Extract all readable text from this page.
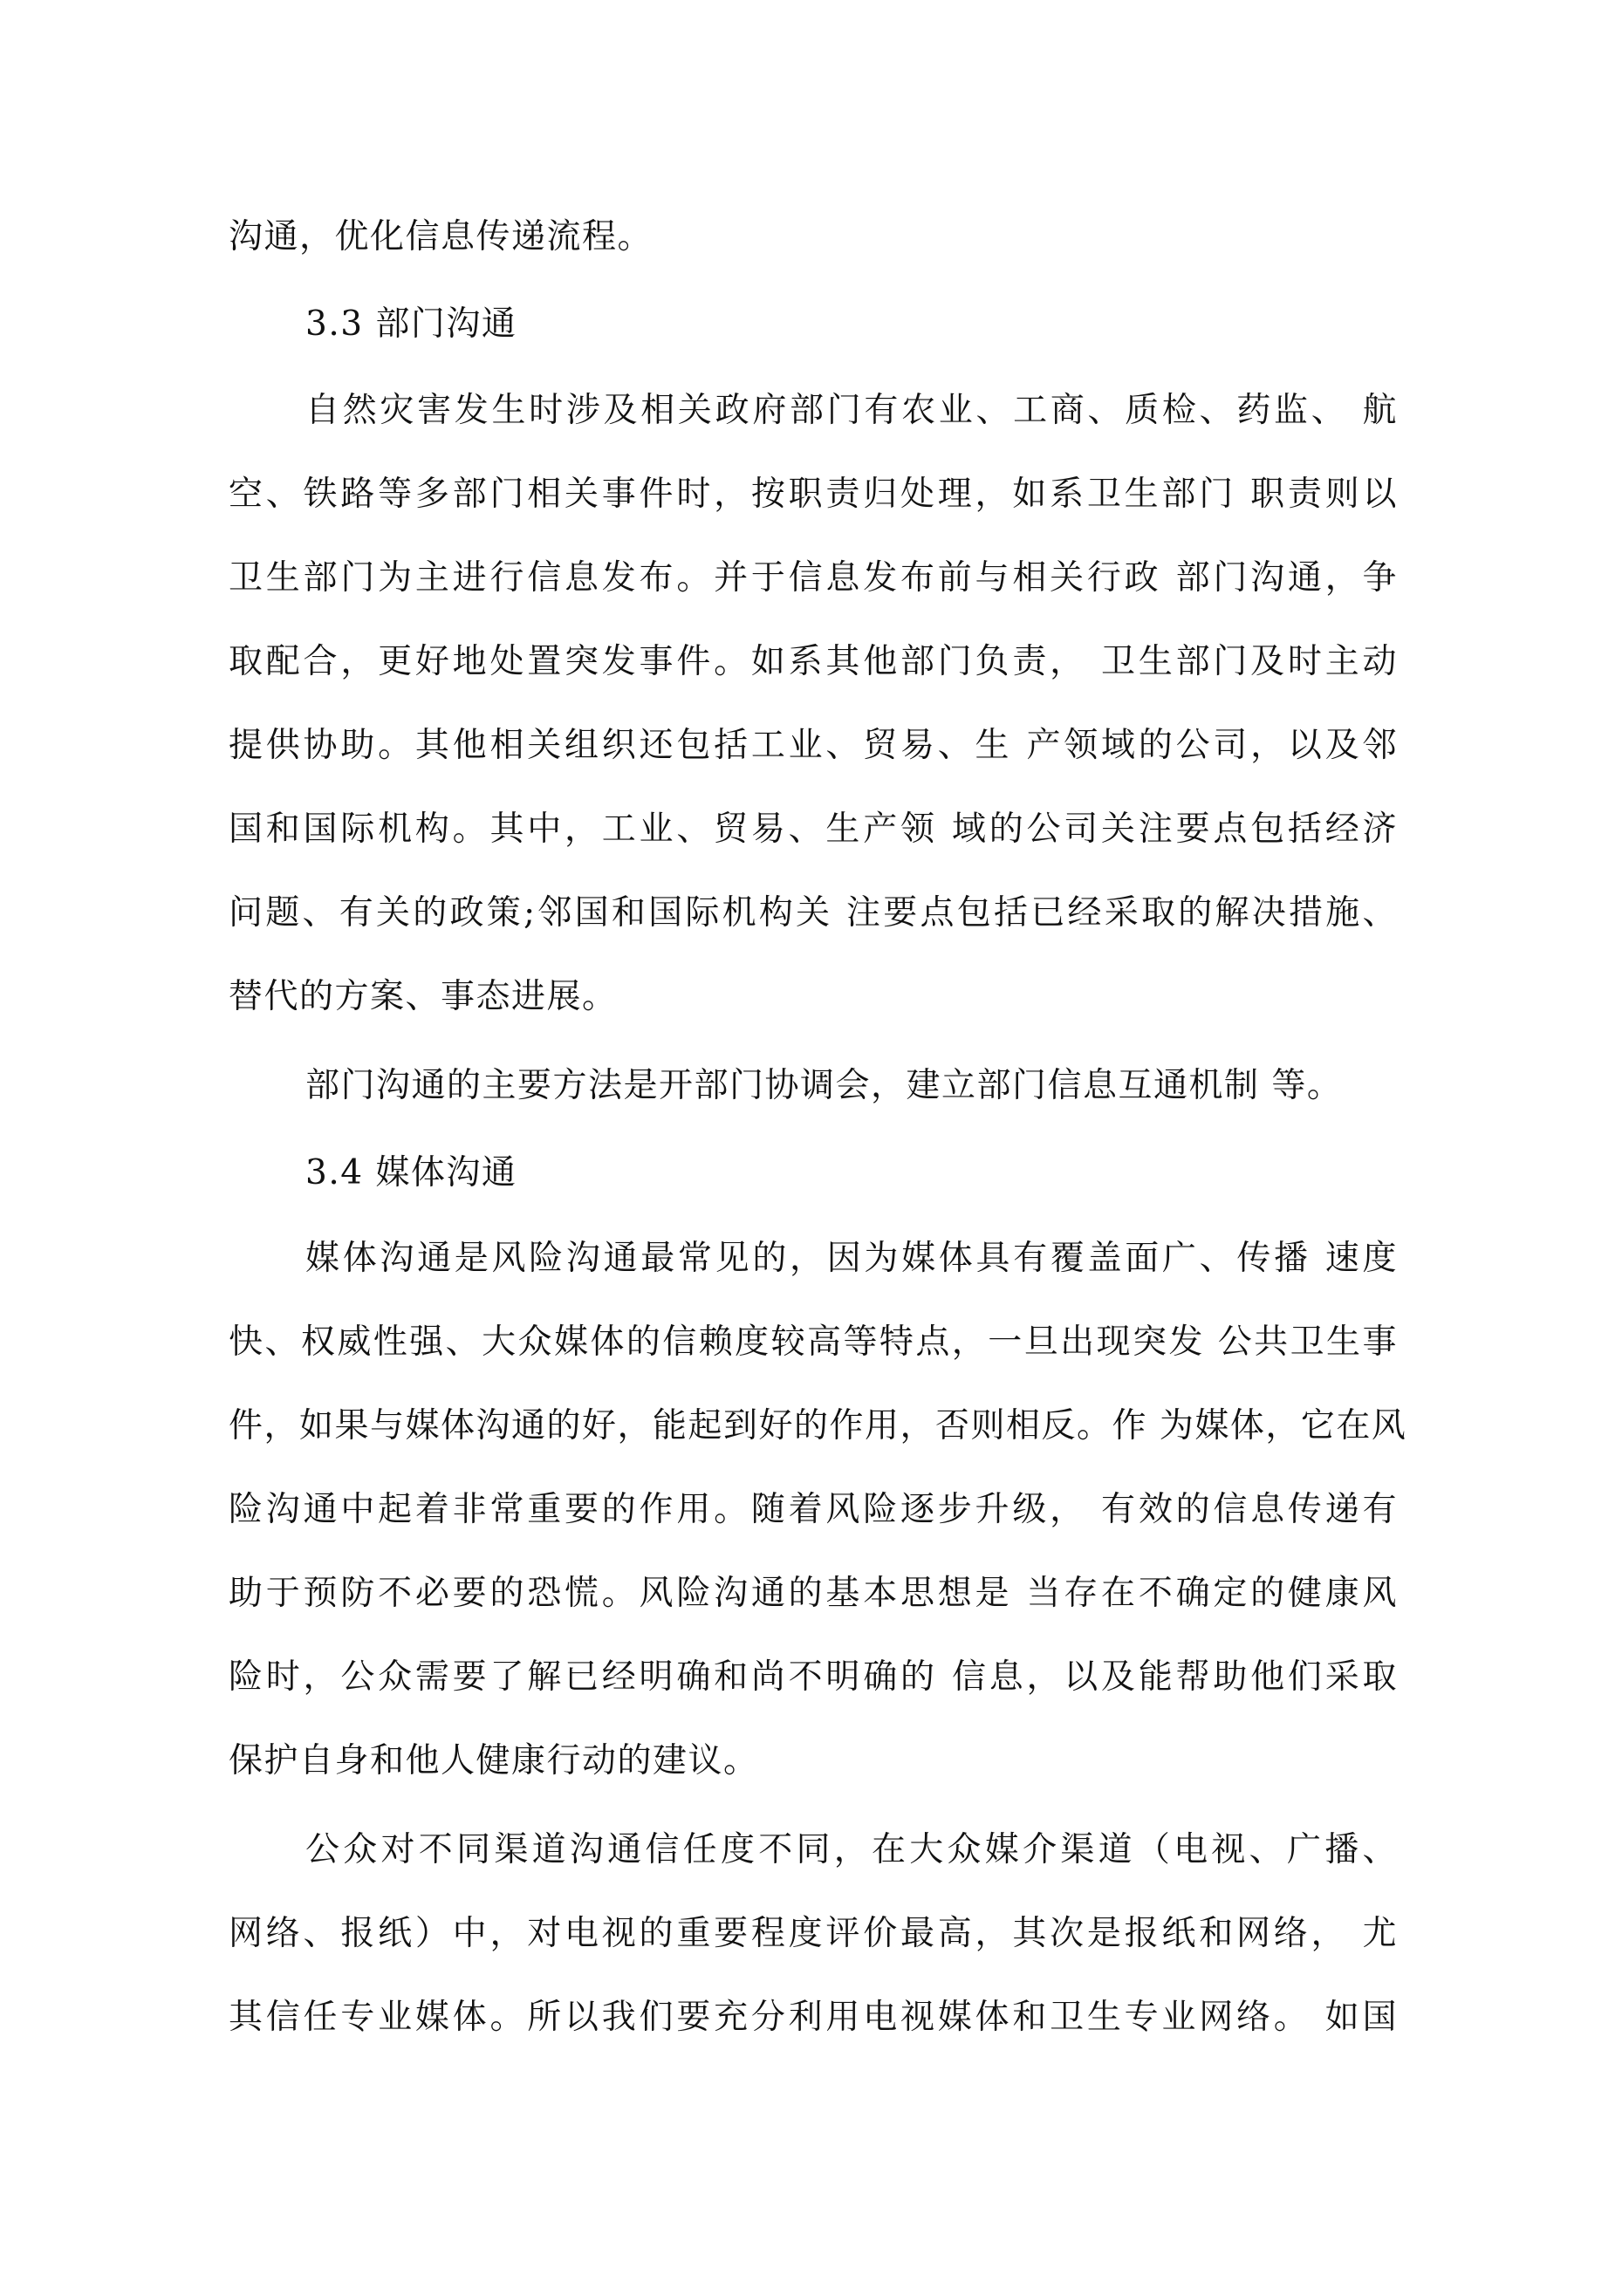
沟通，优化信息传递流程。
3.3 部门沟通
自然灾害发生时涉及相关政府部门有农业、工商、质检、药监、 航
空、铁路等多部门相关事件时，按职责归处理，如系卫生部门 职责则以
卫生部门为主进行信息发布。并于信息发布前与相关行政 部门沟通，争
取配合，更好地处置突发事件。如系其他部门负责， 卫生部门及时主动
提供协助。其他相关组织还包括工业、贸易、生 产领域的公司，以及邻
国和国际机构。其中，工业、贸易、生产领 域的公司关注要点包括经济
问题、有关的政策;邻国和国际机构关 注要点包括已经采取的解决措施、
替代的方案、事态进展。
部门沟通的主要方法是开部门协调会，建立部门信息互通机制 等。
3.4 媒体沟通
媒体沟通是风险沟通最常见的，因为媒体具有覆盖面广、传播 速度
快、权威性强、大众媒体的信赖度较高等特点，一旦出现突发 公共卫生事
件，如果与媒体沟通的好，能起到好的作用，否则相反。作 为媒体，它在风
险沟通中起着非常重要的作用。随着风险逐步升级， 有效的信息传递有
助于预防不必要的恐慌。风险沟通的基本思想是 当存在不确定的健康风
险时，公众需要了解已经明确和尚不明确的 信息，以及能帮助他们采取
保护自身和他人健康行动的建议。
公众对不同渠道沟通信任度不同，在大众媒介渠道（电视、广播、
网络、报纸）中，对电视的重要程度评价最高，其次是报纸和网络， 尤
其信任专业媒体。所以我们要充分利用电视媒体和卫生专业网络。 如国
